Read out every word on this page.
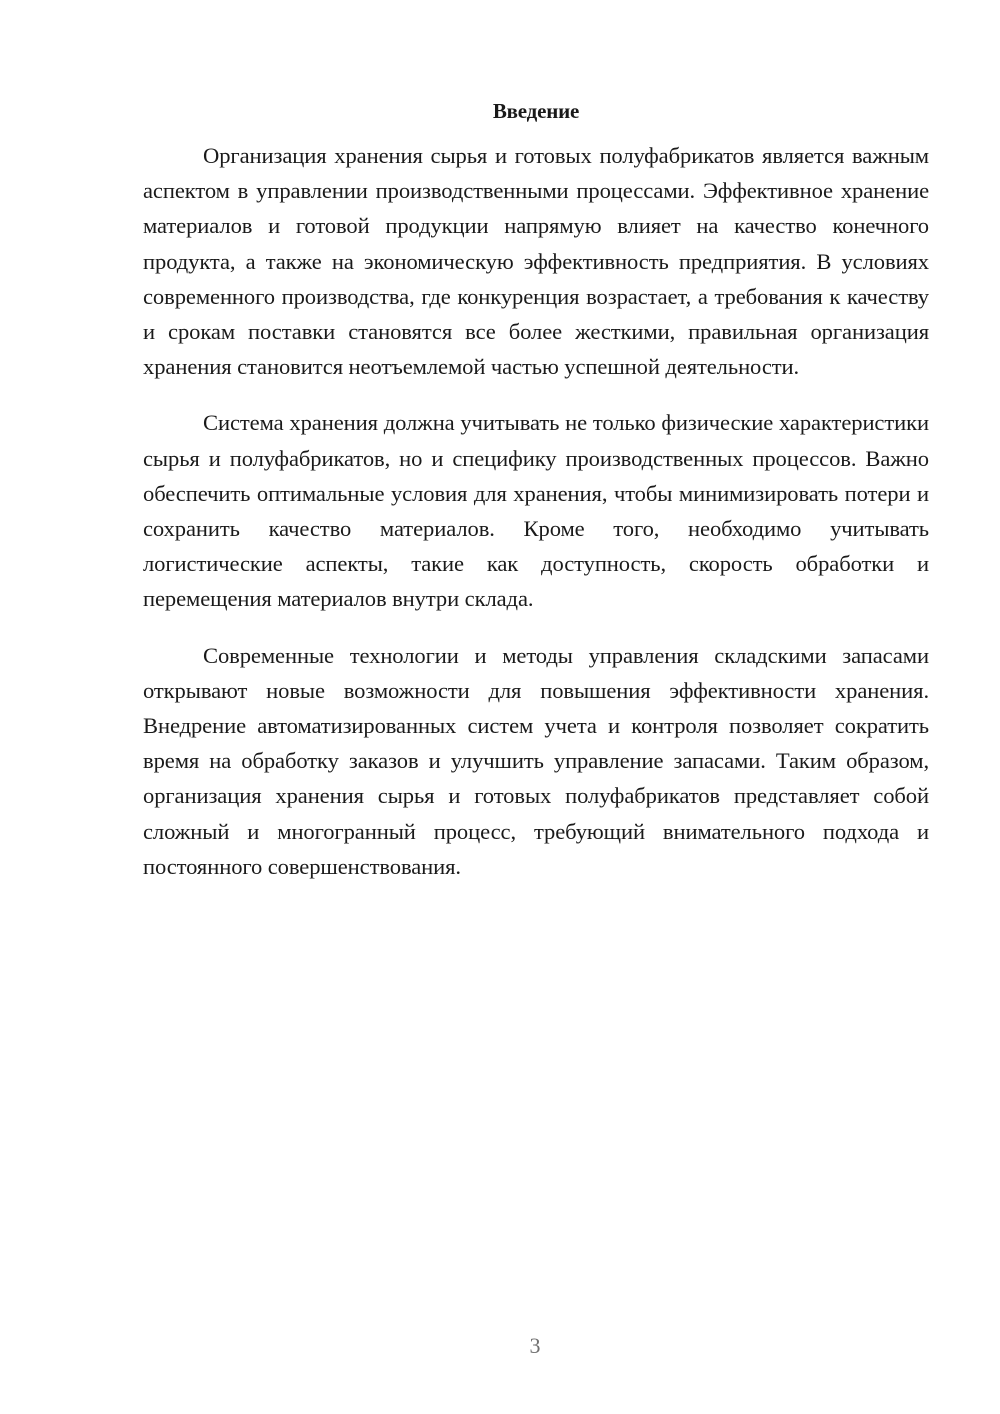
Введение

Организация хранения сырья и готовых полуфабрикатов является важным аспектом в управлении производственными процессами. Эффективное хранение материалов и готовой продукции напрямую влияет на качество конечного продукта, а также на экономическую эффективность предприятия. В условиях современного производства, где конкуренция возрастает, а требования к качеству и срокам поставки становятся все более жесткими, правильная организация хранения становится неотъемлемой частью успешной деятельности.

Система хранения должна учитывать не только физические характеристики сырья и полуфабрикатов, но и специфику производственных процессов. Важно обеспечить оптимальные условия для хранения, чтобы минимизировать потери и сохранить качество материалов. Кроме того, необходимо учитывать логистические аспекты, такие как доступность, скорость обработки и перемещения материалов внутри склада.

Современные технологии и методы управления складскими запасами открывают новые возможности для повышения эффективности хранения. Внедрение автоматизированных систем учета и контроля позволяет сократить время на обработку заказов и улучшить управление запасами. Таким образом, организация хранения сырья и готовых полуфабрикатов представляет собой сложный и многогранный процесс, требующий внимательного подхода и постоянного совершенствования.

3
